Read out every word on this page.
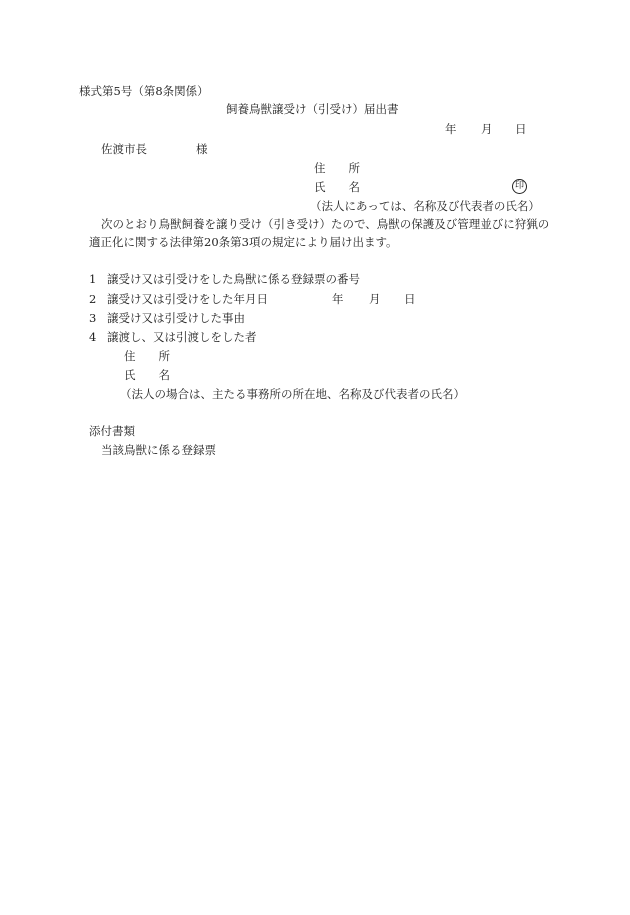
様式第5号（第8条関係）
飼養鳥獣譲受け（引受け）届出書
年 月 日
佐渡市長	様
住　　所
氏　　名	印
（法人にあっては、名称及び代表者の氏名）
次のとおり鳥獣飼養を譲り受け（引き受け）たので、鳥獣の保護及び管理並びに狩猟の
適正化に関する法律第20条第3項の規定により届け出ます。
1 譲受け又は引受けをした鳥獣に係る登録票の番号
2 譲受け又は引受けをした年月日	年 月 日
3 譲受け又は引受けした事由
4 譲渡し、又は引渡しをした者
住　　所
氏　　名
（法人の場合は、主たる事務所の所在地、名称及び代表者の氏名）
添付書類
当該鳥獣に係る登録票
